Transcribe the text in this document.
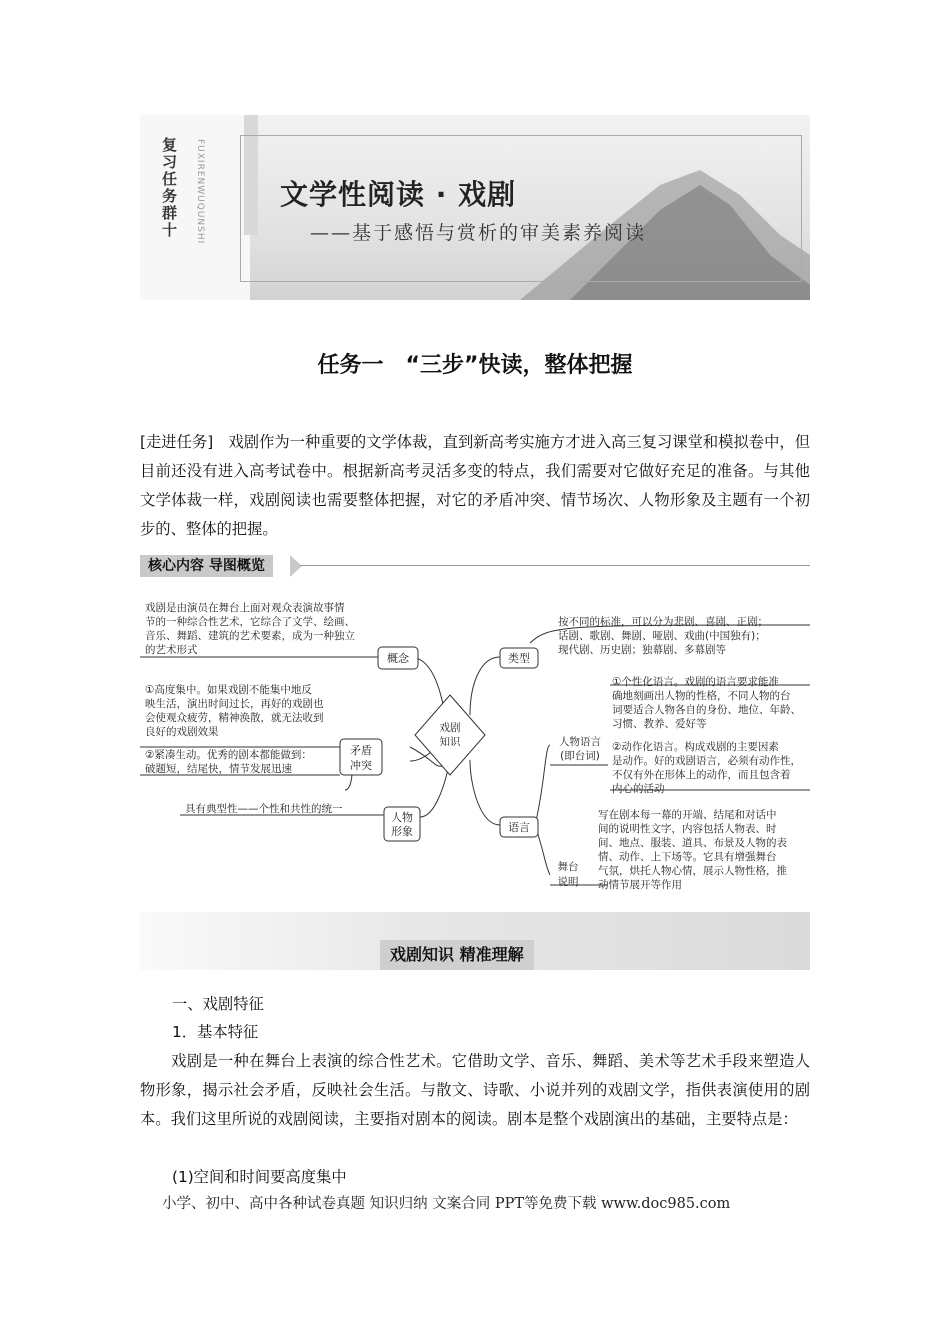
复习任务群十 FUXIRENWUQUNSHI	文学性阅读 · 戏剧
——基于感悟与赏析的审美素养阅读
任务一　“三步”快读，整体把握
[走进任务]　戏剧作为一种重要的文学体裁，直到新高考实施方才进入高三复习课堂和模拟卷中，但目前还没有进入高考试卷中。根据新高考灵活多变的特点，我们需要对它做好充足的准备。与其他文学体裁一样，戏剧阅读也需要整体把握，对它的矛盾冲突、情节场次、人物形象及主题有一个初步的、整体的把握。
核心内容 导图概览
戏剧是由演员在舞台上面对观众表演故事情
节的一种综合性艺术，它综合了文学、绘画、
音乐、舞蹈、建筑的艺术要素，成为一种独立
的艺术形式
概念
①高度集中。如果戏剧不能集中地反
映生活，演出时间过长，再好的戏剧也
会使观众疲劳，精神涣散，就无法收到
良好的戏剧效果
②紧凑生动。优秀的剧本都能做到：
破题短，结尾快，情节发展迅速
矛盾
冲突
具有典型性——个性和共性的统一
人物
形象
戏剧
知识
类型
按不同的标准，可以分为悲剧、喜剧、正剧；
话剧、歌剧、舞剧、哑剧、戏曲(中国独有)；
现代剧、历史剧；独幕剧、多幕剧等
语言
人物语言
(即台词)
①个性化语言。戏剧的语言要求能准
确地刻画出人物的性格，不同人物的台
词要适合人物各自的身份、地位、年龄、
习惯、教养、爱好等
②动作化语言。构成戏剧的主要因素
是动作。好的戏剧语言，必须有动作性，
不仅有外在形体上的动作，而且包含着
内心的活动
舞台
说明
写在剧本每一幕的开端、结尾和对话中
间的说明性文字，内容包括人物表、时
间、地点、服装、道具、布景及人物的表
情、动作、上下场等。它具有增强舞台
气氛，烘托人物心情，展示人物性格，推
动情节展开等作用
戏剧知识 精准理解
一、戏剧特征
1．基本特征
　　戏剧是一种在舞台上表演的综合性艺术。它借助文学、音乐、舞蹈、美术等艺术手段来塑造人物形象，揭示社会矛盾，反映社会生活。与散文、诗歌、小说并列的戏剧文学，指供表演使用的剧本。我们这里所说的戏剧阅读，主要指对剧本的阅读。剧本是整个戏剧演出的基础，主要特点是：
(1)空间和时间要高度集中
小学、初中、高中各种试卷真题 知识归纳 文案合同 PPT等免费下载 www.doc985.com
